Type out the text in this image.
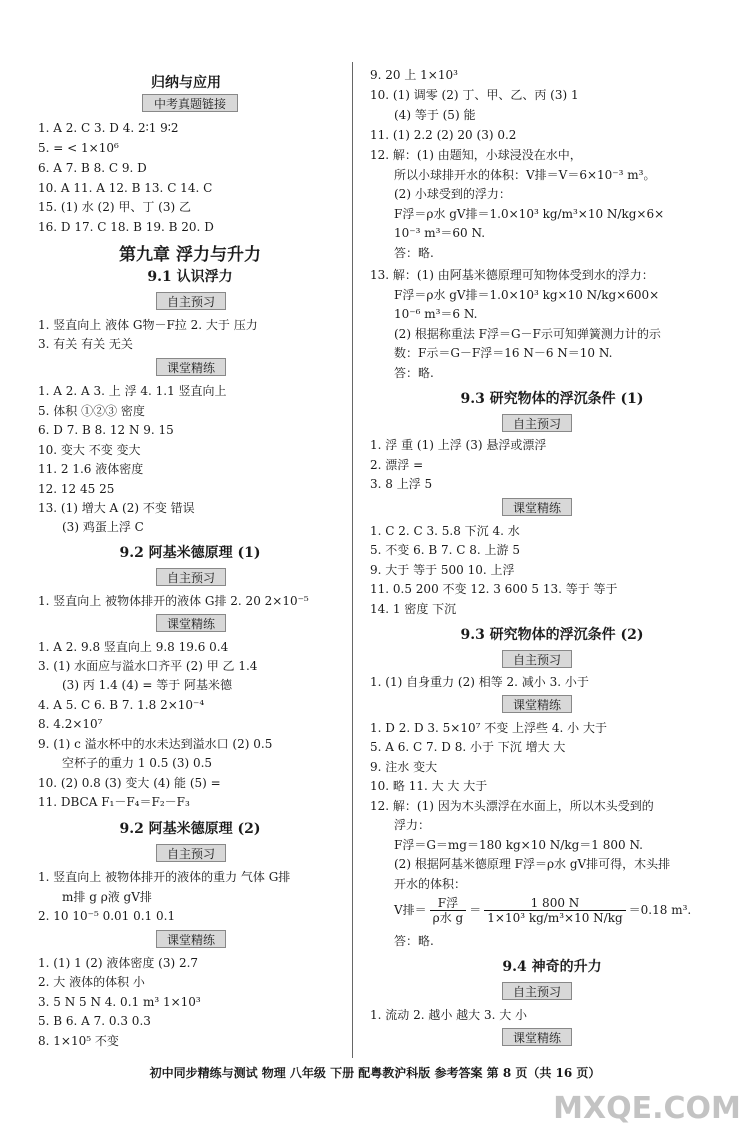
归纳与应用
中考真题链接
1. A 2. C 3. D 4. 2∶1 9∶2
5. = < 1×10⁶
6. A 7. B 8. C 9. D
10. A 11. A 12. B 13. C 14. C
15. (1) 水 (2) 甲、丁 (3) 乙
16. D 17. C 18. B 19. B 20. D
第九章 浮力与升力
9.1 认识浮力
自主预习
1. 竖直向上 液体 G物－F拉 2. 大于 压力
3. 有关 有关 无关
课堂精练
1. A 2. A 3. 上 浮 4. 1.1 竖直向上
5. 体积 ①②③ 密度
6. D 7. B 8. 12 N 9. 15
10. 变大 不变 变大
11. 2 1.6 液体密度
12. 12 45 25
13. (1) 增大 A (2) 不变 错误
(3) 鸡蛋上浮 C
9.2 阿基米德原理 (1)
自主预习
1. 竖直向上 被物体排开的液体 G排 2. 20 2×10⁻⁵
课堂精练
1. A 2. 9.8 竖直向上 9.8 19.6 0.4
3. (1) 水面应与溢水口齐平 (2) 甲 乙 1.4
(3) 丙 1.4 (4) = 等于 阿基米德
4. A 5. C 6. B 7. 1.8 2×10⁻⁴
8. 4.2×10⁷
9. (1) c 溢水杯中的水未达到溢水口 (2) 0.5
空杯子的重力 1 0.5 (3) 0.5
10. (2) 0.8 (3) 变大 (4) 能 (5) =
11. DBCA F₁－F₄＝F₂－F₃
9.2 阿基米德原理 (2)
自主预习
1. 竖直向上 被物体排开的液体的重力 气体 G排
m排 g ρ液 gV排
2. 10 10⁻⁵ 0.01 0.1 0.1
课堂精练
1. (1) 1 (2) 液体密度 (3) 2.7
2. 大 液体的体积 小
3. 5 N 5 N 4. 0.1 m³ 1×10³
5. B 6. A 7. 0.3 0.3
8. 1×10⁵ 不变
9. 20 上 1×10³
10. (1) 调零 (2) 丁、甲、乙、丙 (3) 1
(4) 等于 (5) 能
11. (1) 2.2 (2) 20 (3) 0.2
12. 解：(1) 由题知，小球浸没在水中，
所以小球排开水的体积：V排＝V＝6×10⁻³ m³。
(2) 小球受到的浮力：
F浮＝ρ水 gV排＝1.0×10³ kg/m³×10 N/kg×6×
10⁻³ m³＝60 N.
答：略.
13. 解：(1) 由阿基米德原理可知物体受到水的浮力：
F浮＝ρ水 gV排＝1.0×10³ kg×10 N/kg×600×
10⁻⁶ m³＝6 N.
(2) 根据称重法 F浮＝G－F示可知弹簧测力计的示
数：F示＝G－F浮＝16 N－6 N＝10 N.
答：略.
9.3 研究物体的浮沉条件 (1)
自主预习
1. 浮 重 (1) 上浮 (3) 悬浮或漂浮
2. 漂浮 =
3. 8 上浮 5
课堂精练
1. C 2. C 3. 5.8 下沉 4. 水
5. 不变 6. B 7. C 8. 上游 5
9. 大于 等于 500 10. 上浮
11. 0.5 200 不变 12. 3 600 5 13. 等于 等于
14. 1 密度 下沉
9.3 研究物体的浮沉条件 (2)
自主预习
1. (1) 自身重力 (2) 相等 2. 减小 3. 小于
课堂精练
1. D 2. D 3. 5×10⁷ 不变 上浮些 4. 小 大于
5. A 6. C 7. D 8. 小于 下沉 增大 大
9. 注水 变大
10. 略 11. 大 大 大于
12. 解：(1) 因为木头漂浮在水面上，所以木头受到的
浮力：
F浮＝G＝mg＝180 kg×10 N/kg＝1 800 N.
(2) 根据阿基米德原理 F浮＝ρ水 gV排可得，木头排
开水的体积：
V排＝ $\frac{\text{F浮}}{\text{ρ水 g}} = \frac{1 800 N}{\text{1×10³ kg/m³×10 N/kg}} =0.18$ m³.
答：略.
9.4 神奇的升力
自主预习
1. 流动 2. 越小 越大 3. 大 小
课堂精练
初中同步精练与测试 物理 八年级 下册 配粤教沪科版 参考答案 第 8 页（共 16 页）
MXQE.COM
